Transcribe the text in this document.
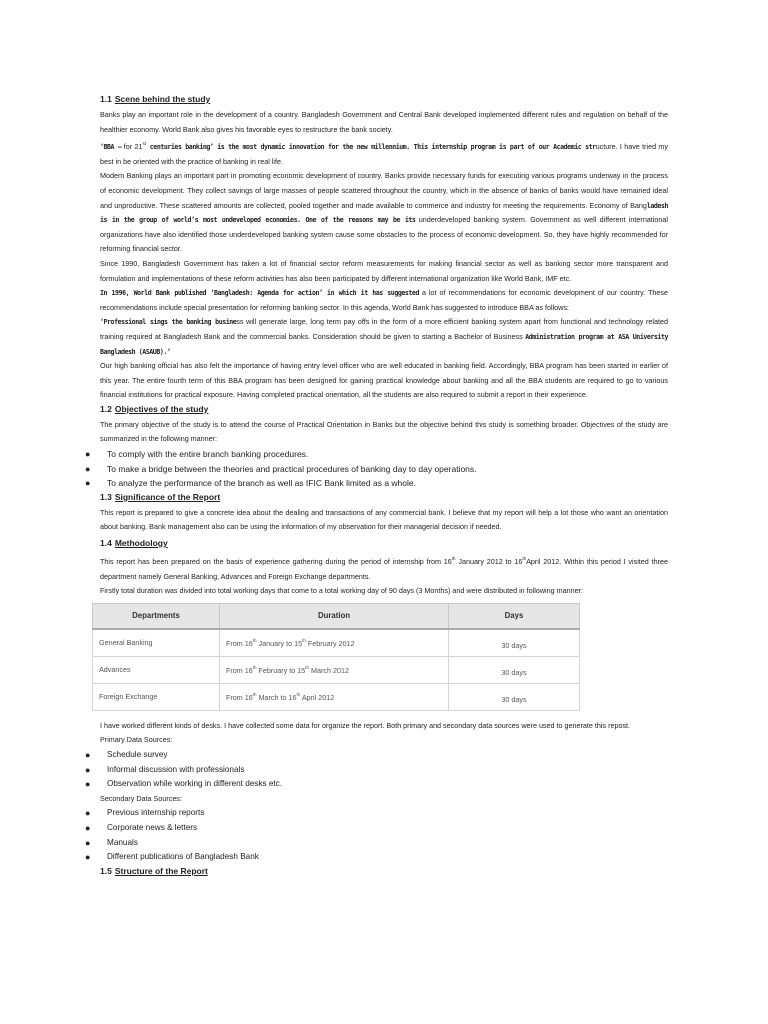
1.1 Scene behind the study

Banks play an important role in the development of a country. Bangladesh Government and Central Bank developed implemented different rules and regulation on behalf of the healthier economy. World Bank also gives his favorable eyes to restructure the bank society.

‘BBA – for 21st centuries banking’ is the most dynamic innovation for the new millennium. This internship program is part of our Academic structure. I have tried my best in be oriented with the practice of banking in real life.

Modern Banking plays an important part in promoting economic development of country. Banks provide necessary funds for executing various programs underway in the process of economic development. They collect savings of large masses of people scattered throughout the country, which in the absence of banks of banks would have remained ideal and unproductive. These scattered amounts are collected, pooled together and made available to commerce and industry for meeting the requirements. Economy of Bangladesh is in the group of world’s most undeveloped economies. One of the reasons may be its underdeveloped banking system. Government as well different international organizations have also identified those underdeveloped banking system cause some obstacles to the process of economic development. So, they have highly recommended for reforming financial sector.

Since 1990, Bangladesh Government has taken a lot of financial sector reform measurements for making financial sector as well as banking sector more transparent and formulation and implementations of these reform activities has also been participated by different international organization like World Bank, IMF etc.

In 1996, World Bank published ‘Bangladesh: Agenda for action’ in which it has suggested a lot of recommendations for economic development of our country. These recommendations include special presentation for reforming banking sector. In this agenda, World Bank has suggested to introduce BBA as follows:

‘Professional sings the banking business will generate large, long term pay offs in the form of a more efficient banking system apart from functional and technology related training required at Bangladesh Bank and the commercial banks. Consideration should be given to starting a Bachelor of Business Administration program at ASA University Bangladesh (ASAUB).’

Our high banking official has also felt the importance of having entry level officer who are well educated in banking field. Accordingly, BBA program has been started in earlier of this year. The entire fourth term of this BBA program has been designed for gaining practical knowledge about banking and all the BBA students are required to go to various financial institutions for practical exposure. Having completed practical orientation, all the students are also required to submit a report in their experience.

1.2 Objectives of the study

The primary objective of the study is to attend the course of Practical Orientation in Banks but the objective behind this study is something broader. Objectives of the study are summarized in the following manner:

● To comply with the entire branch banking procedures.
● To make a bridge between the theories and practical procedures of banking day to day operations.
● To analyze the performance of the branch as well as IFIC Bank limited as a whole.
1.3 Significance of the Report

This report is prepared to give a concrete idea about the dealing and transactions of any commercial bank. I believe that my report will help a lot those who want an orientation about banking. Bank management also can be using the information of my observation for their managerial decision if needed.

1.4 Methodology

This report has been prepared on the basis of experience gathering during the period of internship from 16th January 2012 to 16thApril 2012. Within this period I visited three department namely General Banking, Advances and Foreign Exchange departments.

Firstly total duration was divided into total working days that come to a total working day of 90 days (3 Months) and were distributed in following manner:

Departments	Duration	Days
General Banking	From 16th January to 15th February 2012	30 days
Advances	From 16th February to 15th March 2012	30 days
Foreign Exchange	From 16th March to 16th April 2012	30 days

I have worked different kinds of desks. I have collected some data for organize the report. Both primary and secondary data sources were used to generate this repost.

Primary Data Sources:
● Schedule survey
● Informal discussion with professionals
● Observation while working in different desks etc.
Secondary Data Sources:
● Previous internship reports
● Corporate news & letters
● Manuals
● Different publications of Bangladesh Bank
1.5 Structure of the Report
